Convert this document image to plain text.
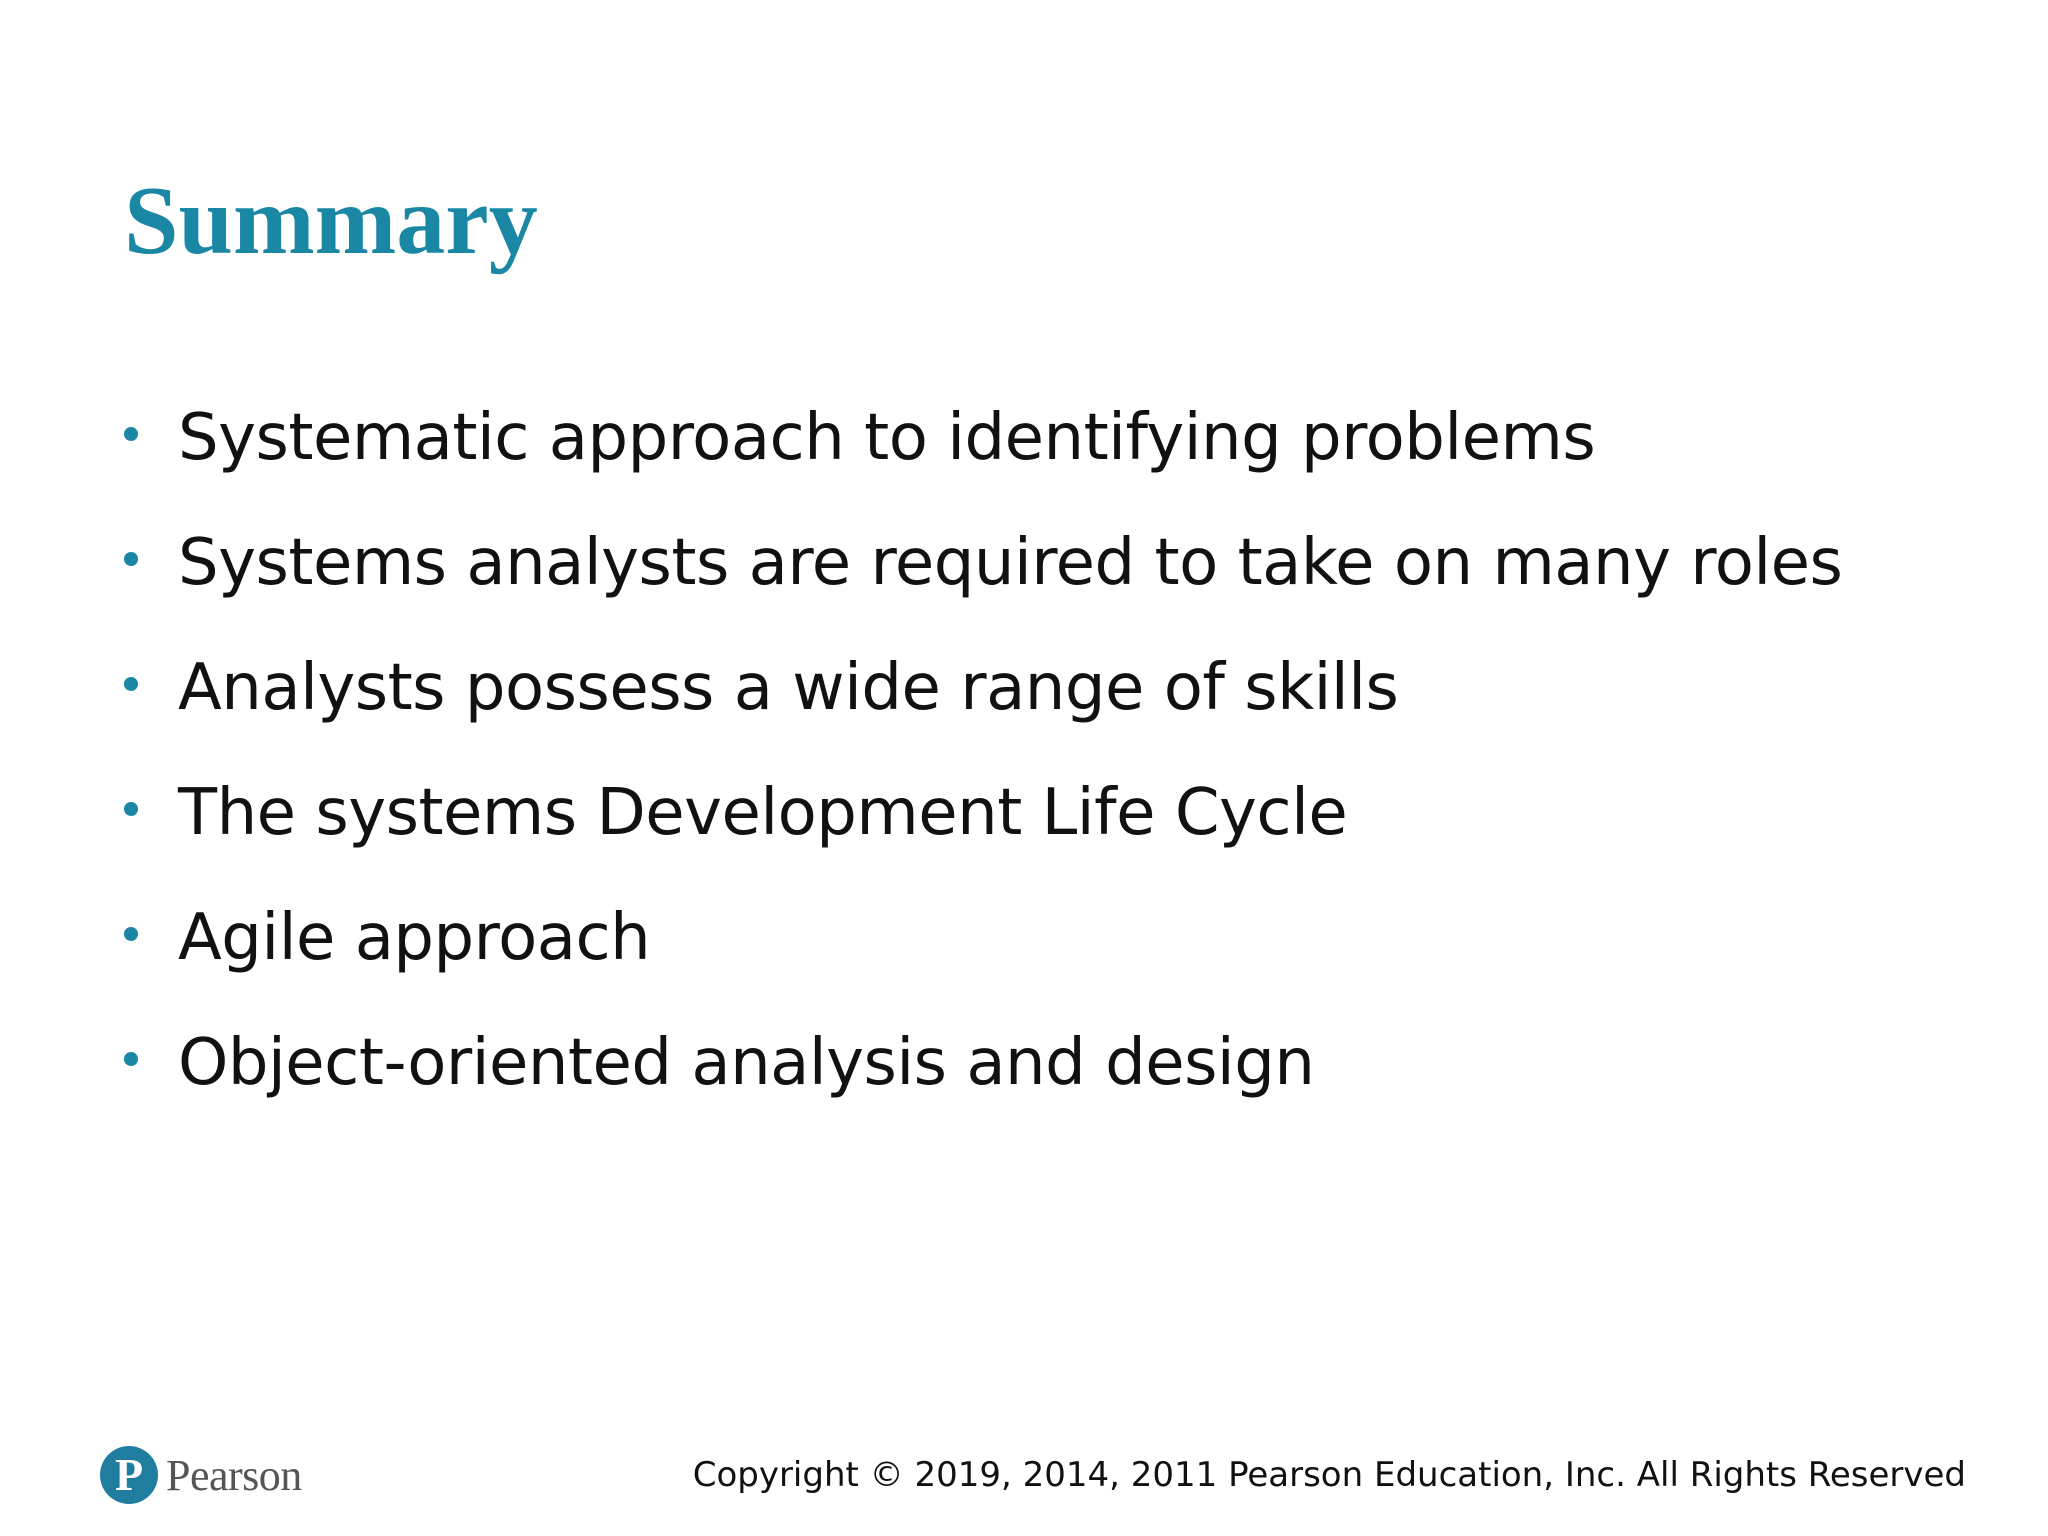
Summary
Systematic approach to identifying problems
Systems analysts are required to take on many roles
Analysts possess a wide range of skills
The systems Development Life Cycle
Agile approach
Object-oriented analysis and design
P Pearson	Copyright © 2019, 2014, 2011 Pearson Education, Inc. All Rights Reserved
